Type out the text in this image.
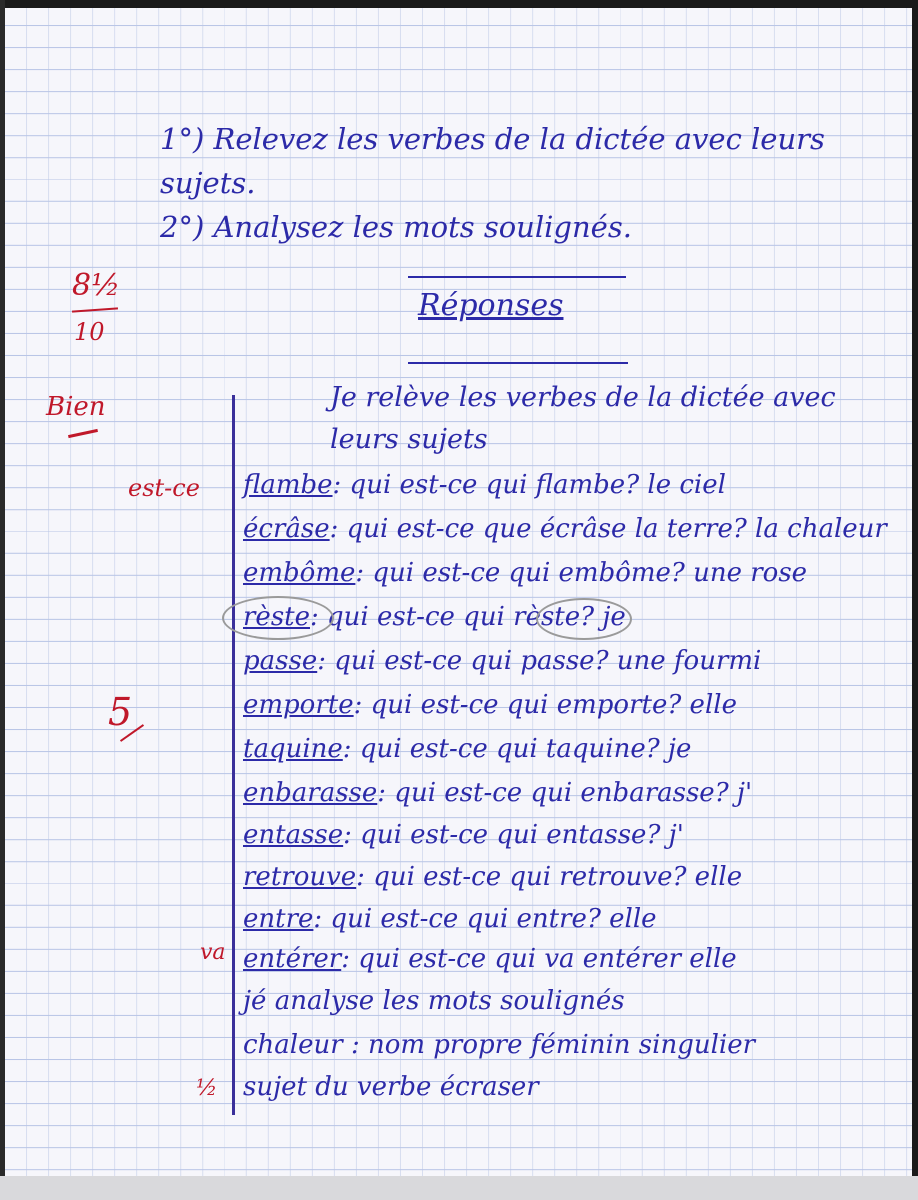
1°) Relevez les verbes de la dictée avec leurs
sujets.
2°) Analysez les mots soulignés.
Réponses
8½
10
Bien	Je relève les verbes de la dictée avec
leurs sujets
est-ce
5
va
½
flambe: qui est-ce qui flambe? le ciel
écrâse: qui est-ce que écrâse la terre? la chaleur
embôme: qui est-ce qui embôme? une rose
rèste: qui est-ce qui rèste? je
passe: qui est-ce qui passe? une fourmi
emporte: qui est-ce qui emporte? elle
taquine: qui est-ce qui taquine? je
enbarasse: qui est-ce qui enbarasse? j'
entasse: qui est-ce qui entasse? j'
retrouve: qui est-ce qui retrouve? elle
entre: qui est-ce qui entre? elle
entérer: qui est-ce qui va entérer elle
jé analyse les mots soulignés
chaleur : nom propre féminin singulier
sujet du verbe écraser
